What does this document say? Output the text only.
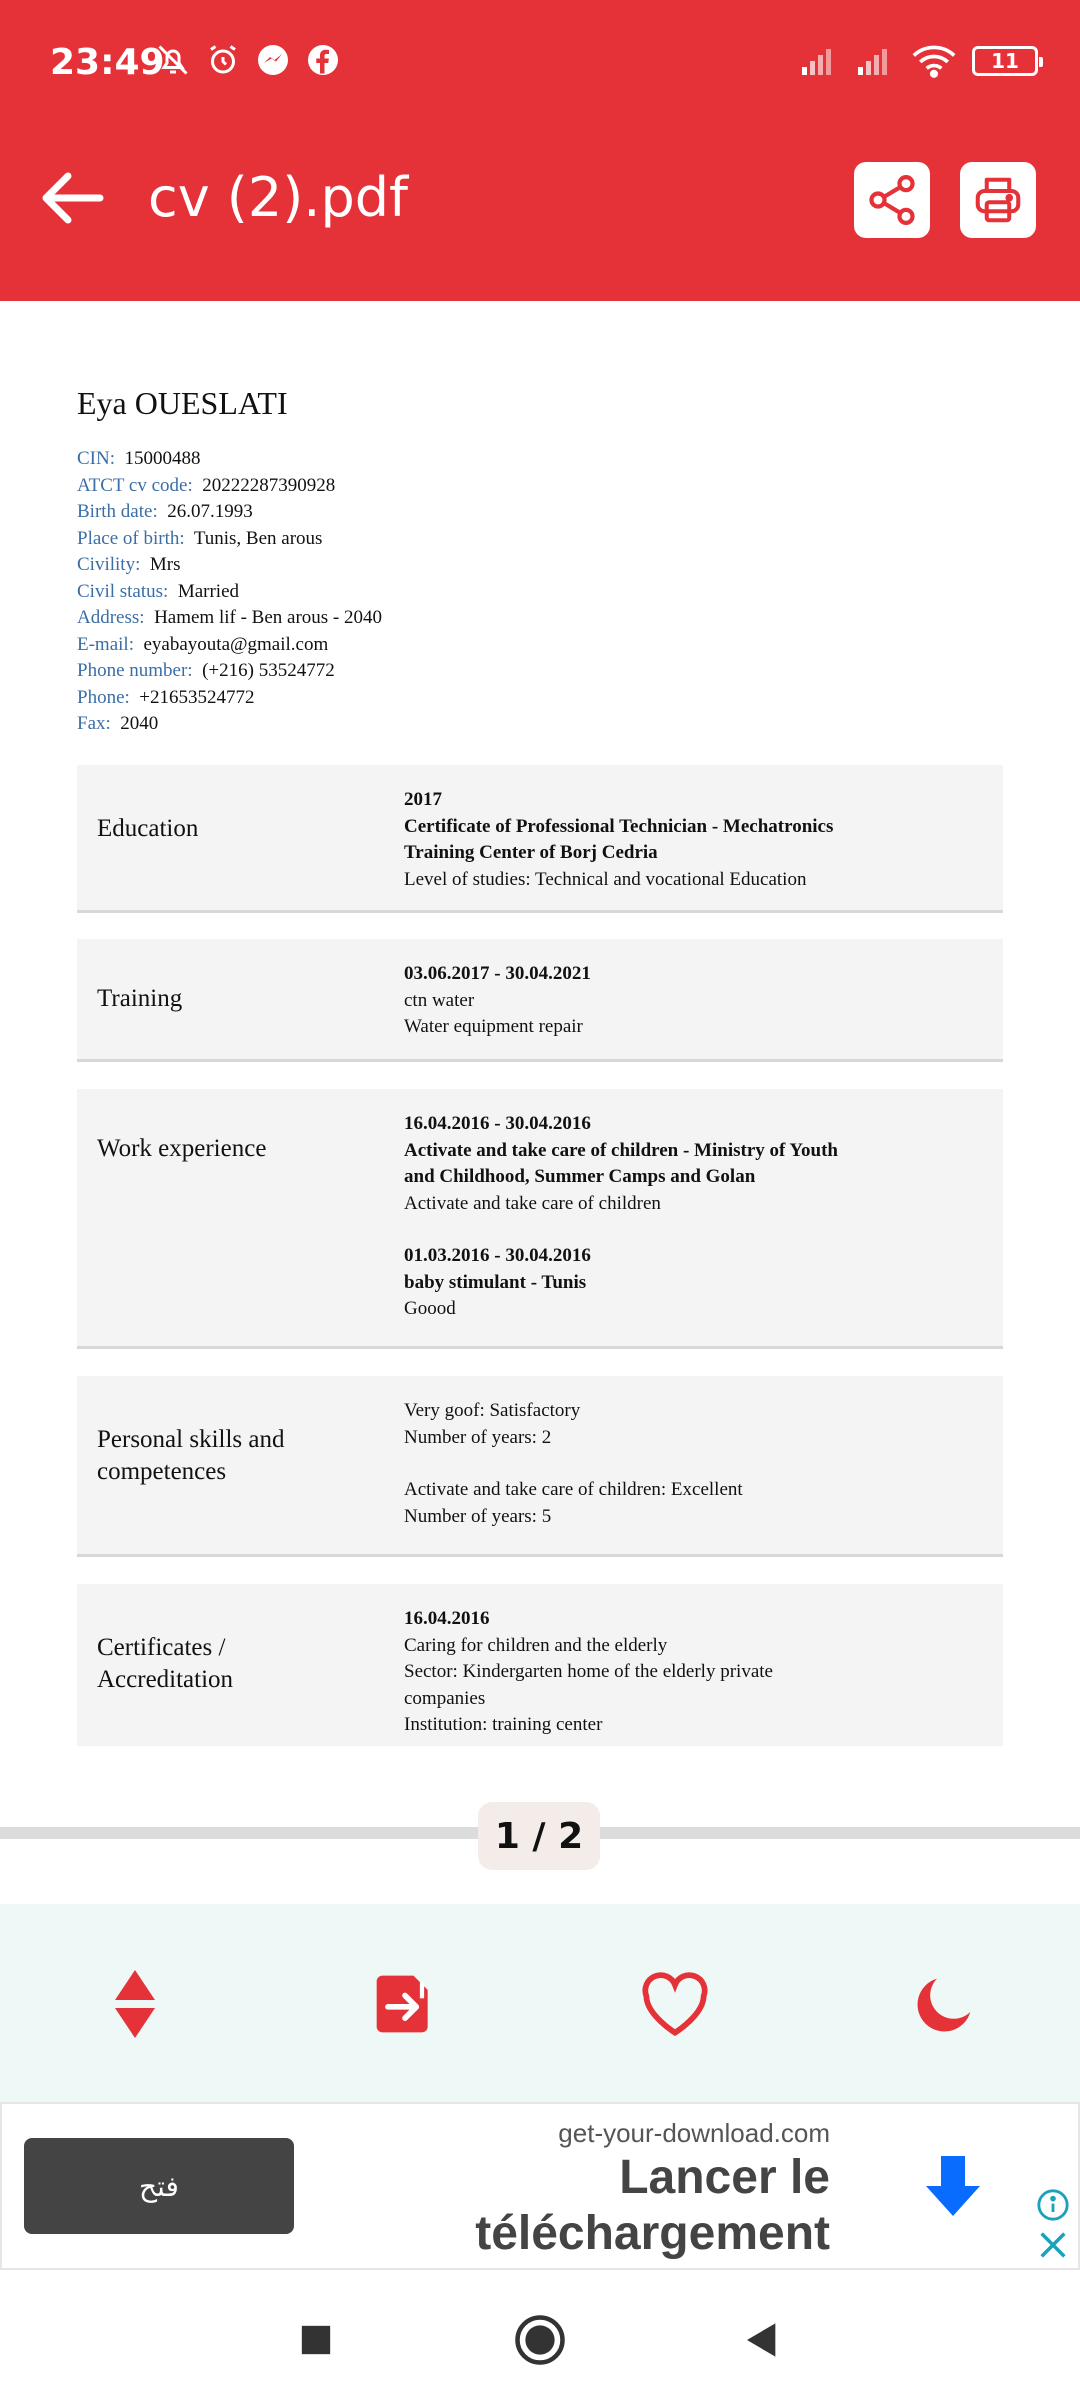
23:49	11
cv (2).pdf
Eya OUESLATI
CIN: 15000488
ATCT cv code: 20222287390928
Birth date: 26.07.1993
Place of birth: Tunis, Ben arous
Civility: Mrs
Civil status: Married
Address: Hamem lif - Ben arous - 2040
E-mail: eyabayouta@gmail.com
Phone number: (+216) 53524772
Phone: +21653524772
Fax: 2040
Education
2017
Certificate of Professional Technician - Mechatronics
Training Center of Borj Cedria
Level of studies: Technical and vocational Education
Training
03.06.2017 - 30.04.2021
ctn water
Water equipment repair
Work experience
16.04.2016 - 30.04.2016
Activate and take care of children - Ministry of Youth
and Childhood, Summer Camps and Golan
Activate and take care of children
01.03.2016 - 30.04.2016
baby stimulant - Tunis
Goood
Personal skills and
competences
Very goof: Satisfactory
Number of years: 2
Activate and take care of children: Excellent
Number of years: 5
Certificates /
Accreditation
16.04.2016
Caring for children and the elderly
Sector: Kindergarten home of the elderly private
companies
Institution: training center
1 / 2
فتح
get-your-download.com
Lancer le
téléchargement
